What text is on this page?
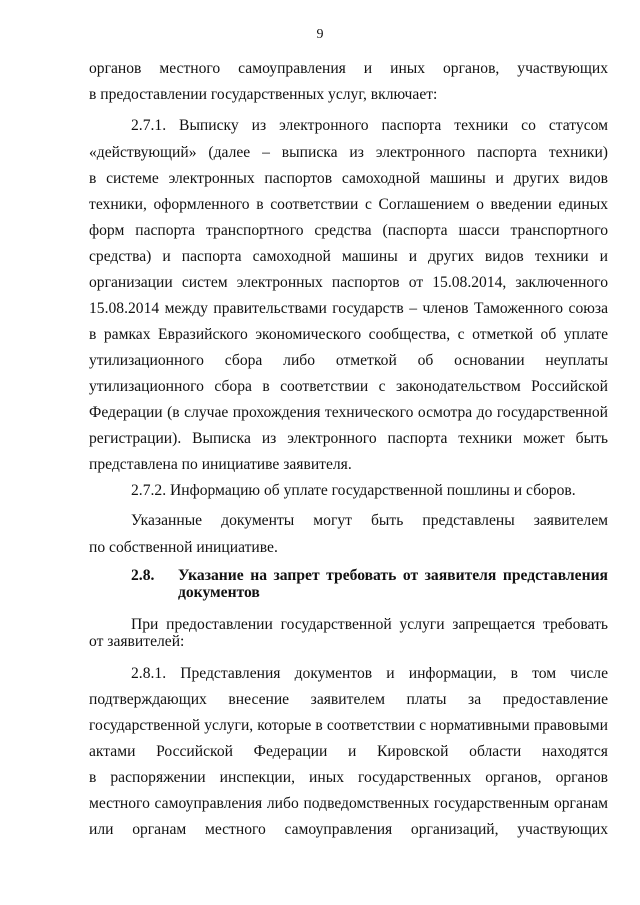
9
органов местного самоуправления и иных органов, участвующих
в предоставлении государственных услуг, включает:
2.7.1. Выписку из электронного паспорта техники со статусом
«действующий» (далее – выписка из электронного паспорта техники)
в системе электронных паспортов самоходной машины и других видов
техники, оформленного в соответствии с Соглашением о введении единых
форм паспорта транспортного средства (паспорта шасси транспортного
средства) и паспорта самоходной машины и других видов техники и
организации систем электронных паспортов от 15.08.2014, заключенного
15.08.2014 между правительствами государств – членов Таможенного союза
в рамках Евразийского экономического сообщества, с отметкой об уплате
утилизационного сбора либо отметкой об основании неуплаты
утилизационного сбора в соответствии с законодательством Российской
Федерации (в случае прохождения технического осмотра до государственной
регистрации). Выписка из электронного паспорта техники может быть
представлена по инициативе заявителя.
2.7.2. Информацию об уплате государственной пошлины и сборов.
Указанные документы могут быть представлены заявителем
по собственной инициативе.
2.8. Указание на запрет требовать от заявителя представления
документов
При предоставлении государственной услуги запрещается требовать
от заявителей:
2.8.1. Представления документов и информации, в том числе
подтверждающих внесение заявителем платы за предоставление
государственной услуги, которые в соответствии с нормативными правовыми
актами Российской Федерации и Кировской области находятся
в распоряжении инспекции, иных государственных органов, органов
местного самоуправления либо подведомственных государственным органам
или органам местного самоуправления организаций, участвующих
